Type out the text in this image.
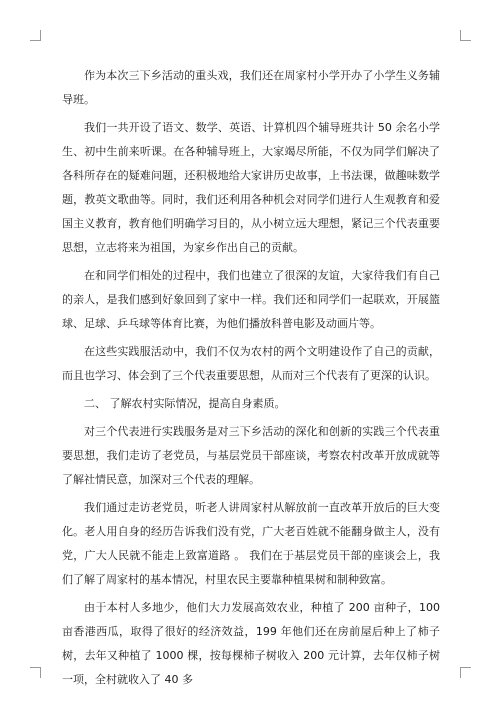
作为本次三下乡活动的重头戏，我们还在周家村小学开办了小学生义务辅导班。

我们一共开设了语文、数学、英语、计算机四个辅导班共计 50 余名小学生、初中生前来听课。在各种辅导班上，大家竭尽所能，不仅为同学们解决了各科所存在的疑难问题，还积极地给大家讲历史故事，上书法课，做趣味数学题，教英文歌曲等。同时，我们还利用各种机会对同学们进行人生观教育和爱国主义教育，教育他们明确学习目的，从小树立远大理想，紧记三个代表重要思想，立志将来为祖国，为家乡作出自己的贡献。

在和同学们相处的过程中，我们也建立了很深的友谊，大家待我们有自己的亲人，是我们感到好象回到了家中一样。我们还和同学们一起联欢，开展篮球、足球、乒乓球等体育比赛，为他们播放科普电影及动画片等。

在这些实践服活动中，我们不仅为农村的两个文明建设作了自己的贡献，而且也学习、体会到了三个代表重要思想，从而对三个代表有了更深的认识。

二、 了解农村实际情况，提高自身素质。

对三个代表进行实践服务是对三下乡活动的深化和创新的实践三个代表重要思想，我们走访了老党员，与基层党员干部座谈，考察农村改革开放成就等了解社情民意，加深对三个代表的理解。

我们通过走访老党员，听老人讲周家村从解放前一直改革开放后的巨大变化。老人用自身的经历告诉我们没有党，广大老百姓就不能翻身做主人，没有党，广大人民就不能走上致富道路 。 我们在于基层党员干部的座谈会上，我们了解了周家村的基本情况，村里农民主要靠种植果树和制种致富。

由于本村人多地少，他们大力发展高效农业，种植了 200 亩种子，100 亩香港西瓜，取得了很好的经济效益，199 年他们还在房前屋后种上了柿子树，去年又种植了 1000 棵，按每棵柿子树收入 200 元计算，去年仅柿子树一项，全村就收入了 40 多
